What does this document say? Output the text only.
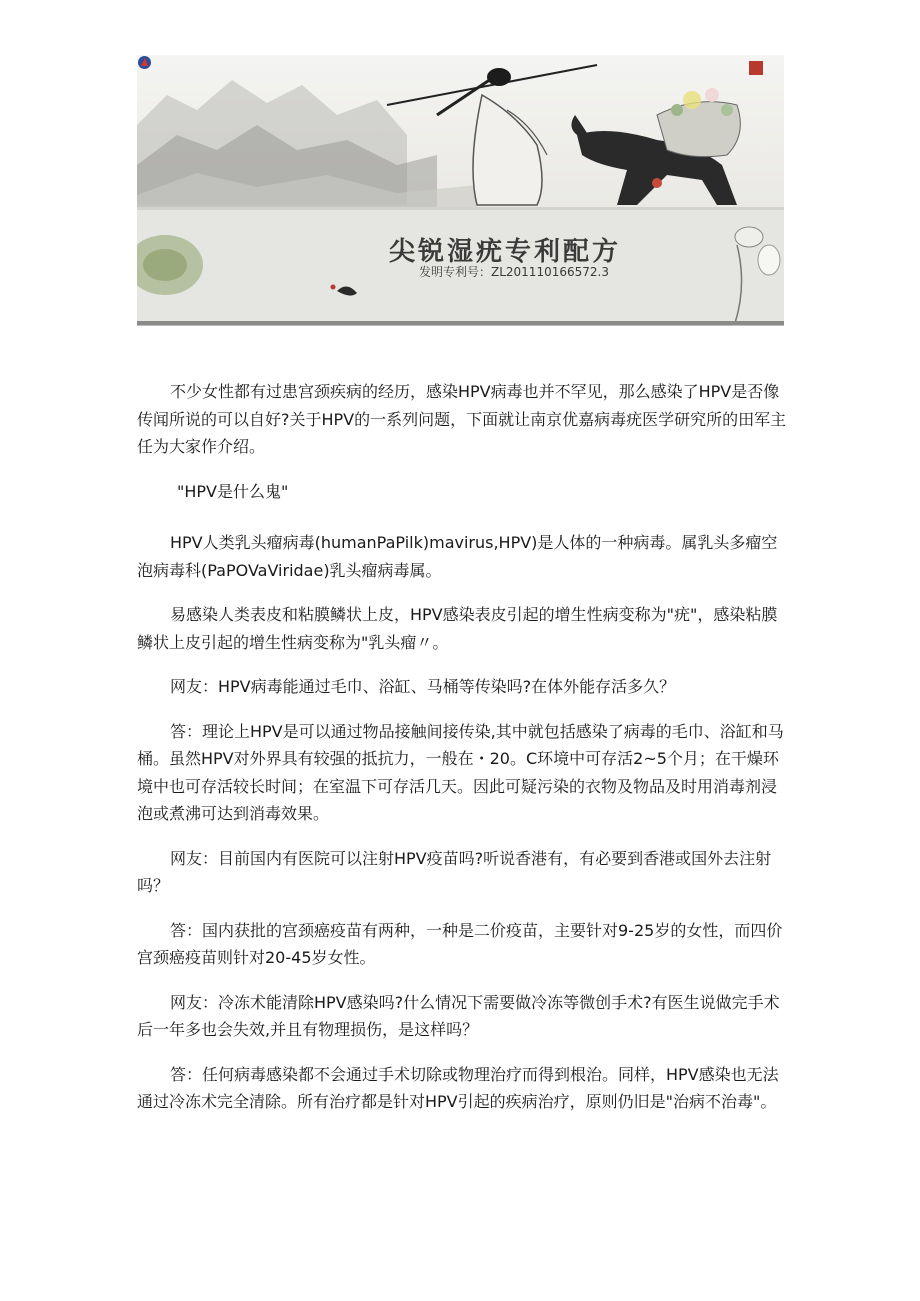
尖锐湿疣专利配方
发明专利号：ZL201110166572.3

不少女性都有过患宫颈疾病的经历，感染HPV病毒也并不罕见，那么感染了HPV是否像传闻所说的可以自好?关于HPV的一系列问题，下面就让南京优嘉病毒疣医学研究所的田军主任为大家作介绍。

"HPV是什么鬼"

HPV人类乳头瘤病毒(humanPaPilk)mavirus,HPV)是人体的一种病毒。属乳头多瘤空泡病毒科(PaPOVaViridae)乳头瘤病毒属。

易感染人类表皮和粘膜鳞状上皮，HPV感染表皮引起的增生性病变称为"疣"，感染粘膜鳞状上皮引起的增生性病变称为"乳头瘤〃。

网友：HPV病毒能通过毛巾、浴缸、马桶等传染吗?在体外能存活多久？

答：理论上HPV是可以通过物品接触间接传染,其中就包括感染了病毒的毛巾、浴缸和马桶。虽然HPV对外界具有较强的抵抗力，一般在・20。C环境中可存活2~5个月；在干燥环境中也可存活较长时间；在室温下可存活几天。因此可疑污染的衣物及物品及时用消毒剂浸泡或煮沸可达到消毒效果。

网友：目前国内有医院可以注射HPV疫苗吗?听说香港有，有必要到香港或国外去注射吗？

答：国内获批的宫颈癌疫苗有两种，一种是二价疫苗，主要针对9-25岁的女性，而四价宫颈癌疫苗则针对20-45岁女性。

网友：冷冻术能清除HPV感染吗?什么情况下需要做冷冻等微创手术?有医生说做完手术后一年多也会失效,并且有物理损伤，是这样吗？

答：任何病毒感染都不会通过手术切除或物理治疗而得到根治。同样，HPV感染也无法通过冷冻术完全清除。所有治疗都是针对HPV引起的疾病治疗，原则仍旧是"治病不治毒"。
